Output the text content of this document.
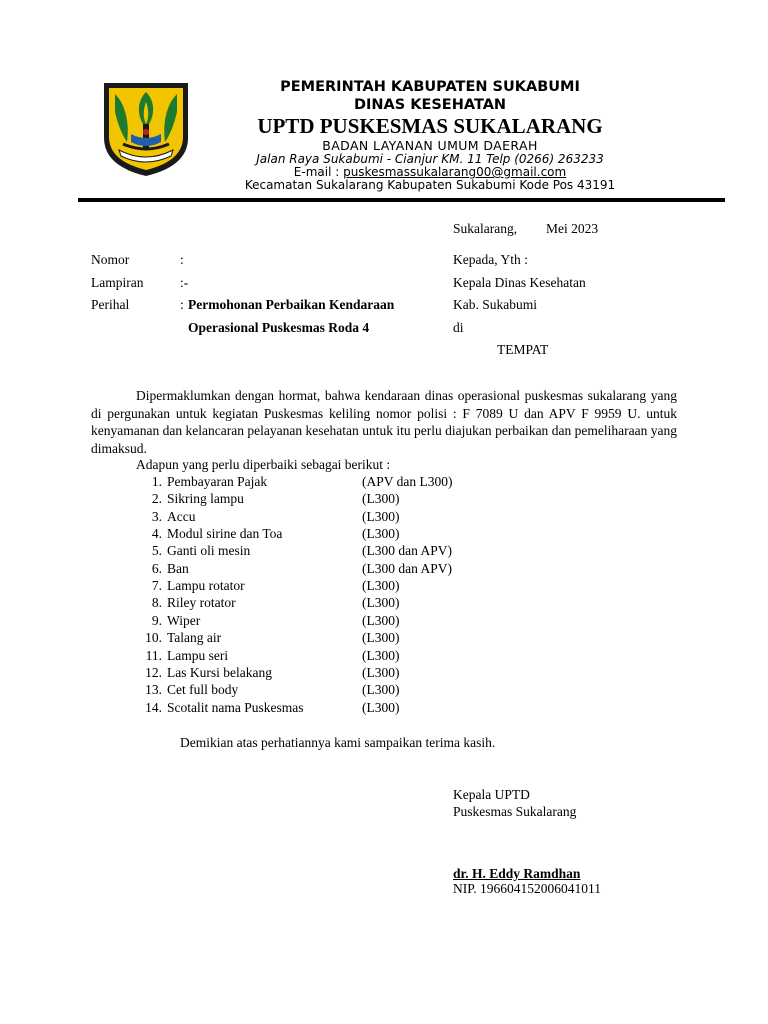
PEMERINTAH KABUPATEN SUKABUMI
DINAS KESEHATAN
UPTD PUSKESMAS SUKALARANG
BADAN LAYANAN UMUM DAERAH
Jalan Raya Sukabumi - Cianjur KM. 11 Telp (0266) 263233
E-mail : puskesmassukalarang00@gmail.com
Kecamatan Sukalarang Kabupaten Sukabumi Kode Pos 43191
Sukalarang, Mei 2023
Nomor	:
Lampiran	:-
Perihal	: Permohonan Perbaikan Kendaraan
Operasional Puskesmas Roda 4
Kepada, Yth :
Kepala Dinas Kesehatan
Kab. Sukabumi
di
TEMPAT
Dipermaklumkan dengan hormat, bahwa kendaraan dinas operasional puskesmas sukalarang yang di pergunakan untuk kegiatan Puskesmas keliling nomor polisi : F 7089 U dan APV F 9959 U. untuk kenyamanan dan kelancaran pelayanan kesehatan untuk itu perlu diajukan perbaikan dan pemeliharaan yang dimaksud.
Adapun yang perlu diperbaiki sebagai berikut :
1. Pembayaran Pajak	(APV dan L300)
2. Sikring lampu	(L300)
3. Accu	(L300)
4. Modul sirine dan Toa	(L300)
5. Ganti oli mesin	(L300 dan APV)
6. Ban	(L300 dan APV)
7. Lampu rotator	(L300)
8. Riley rotator	(L300)
9. Wiper	(L300)
10. Talang air	(L300)
11. Lampu seri	(L300)
12. Las Kursi belakang	(L300)
13. Cet full body	(L300)
14. Scotalit nama Puskesmas	(L300)
Demikian atas perhatiannya kami sampaikan terima kasih.
Kepala UPTD
Puskesmas Sukalarang
dr. H. Eddy Ramdhan
NIP. 196604152006041011
